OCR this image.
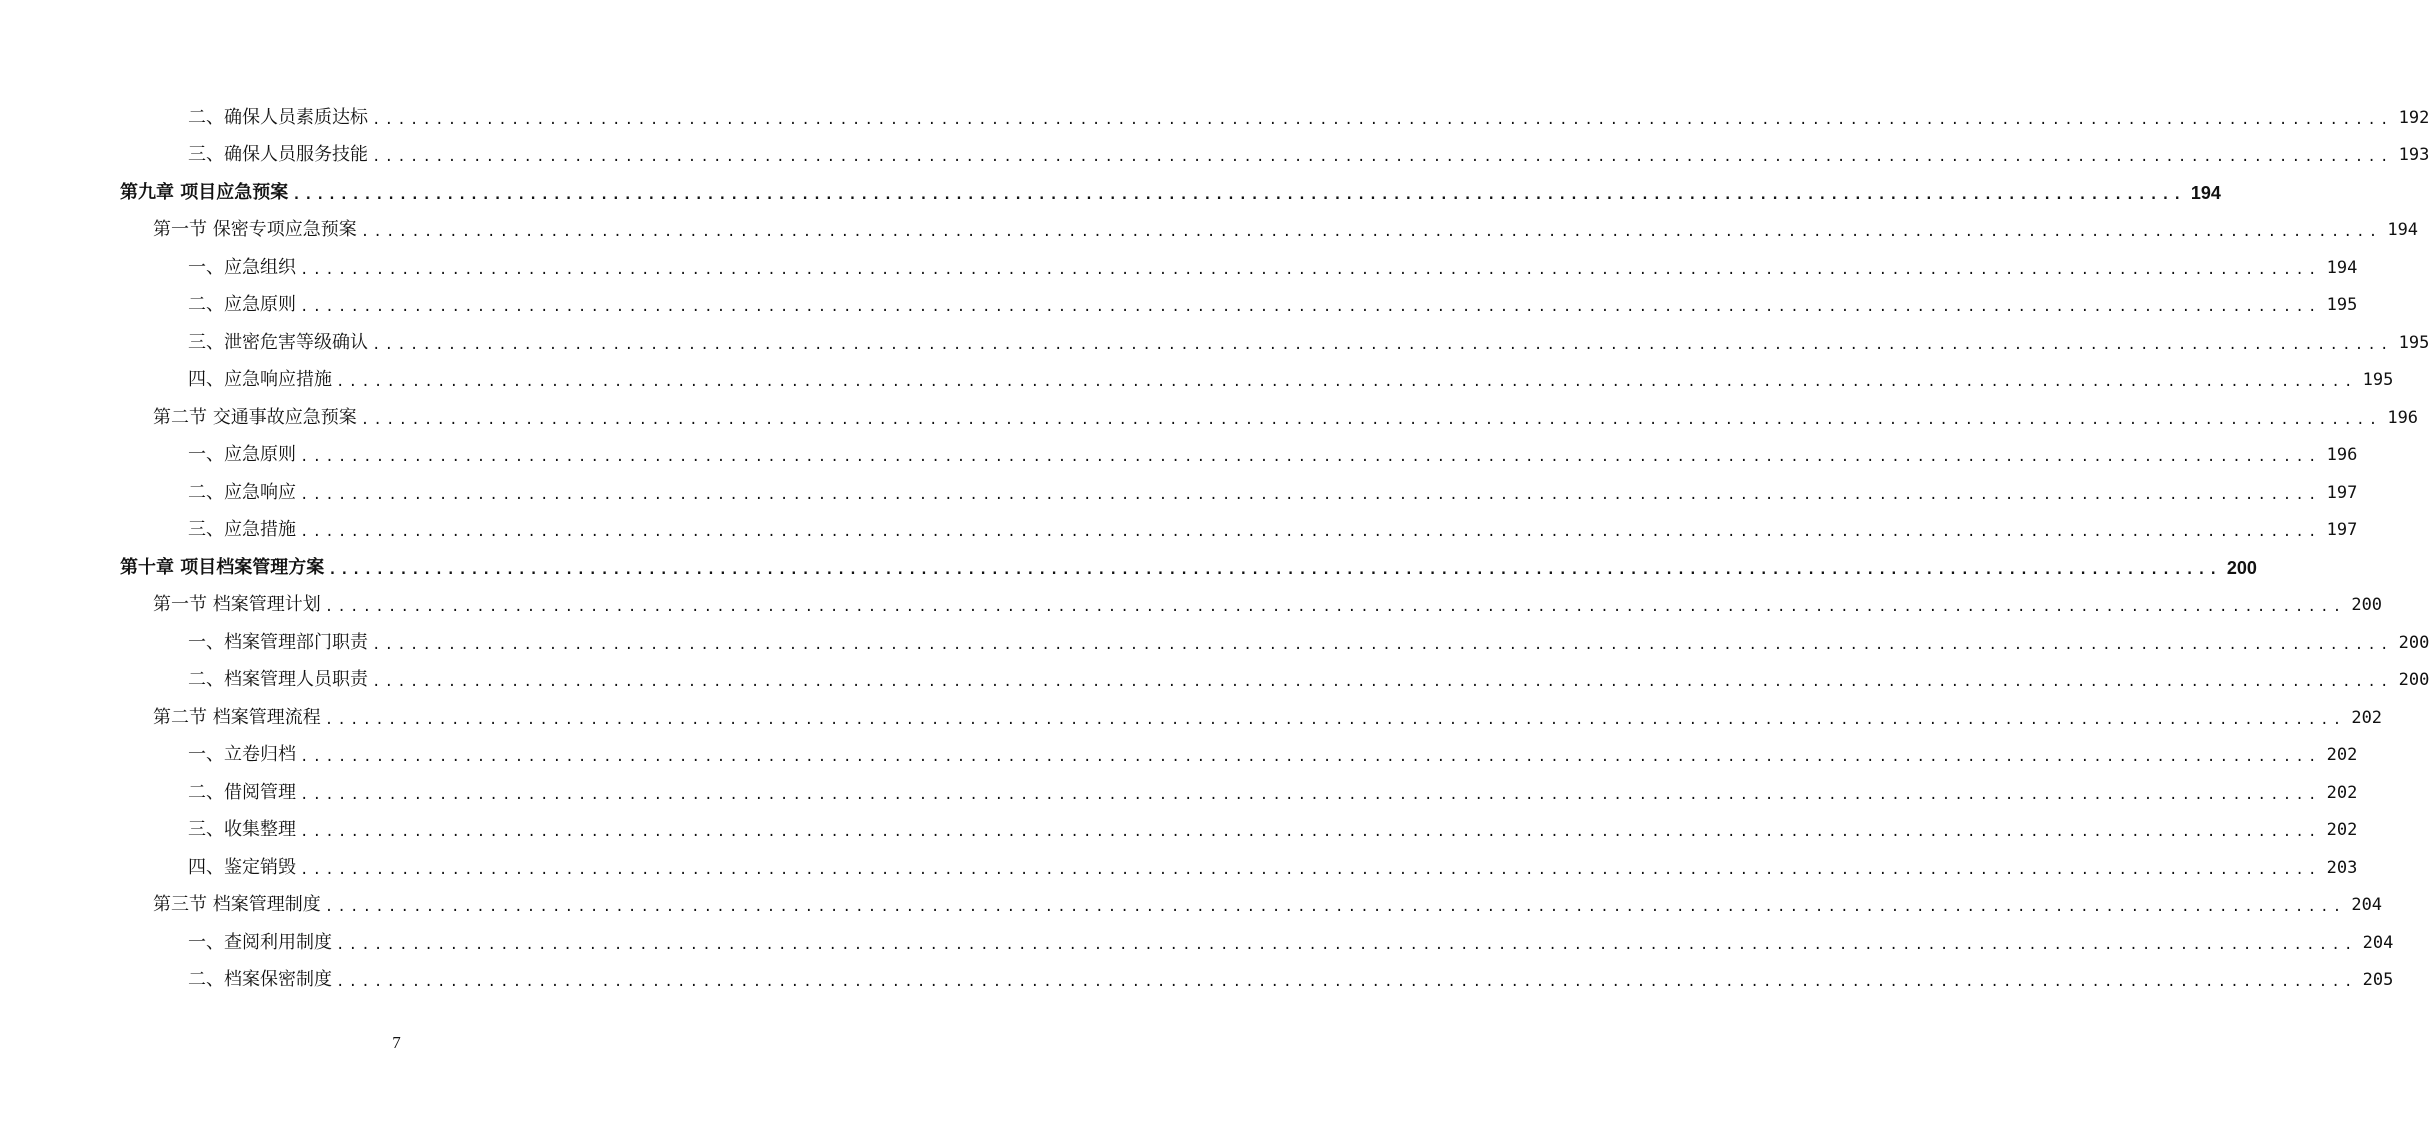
二、确保人员素质达标 ................................................................................................................................................................ 192
三、确保人员服务技能 ................................................................................................................................................................ 193
第九章 项目应急预案 ................................................................................................................................................................ 194
第一节 保密专项应急预案 ................................................................................................................................................................ 194
一、应急组织 ................................................................................................................................................................ 194
二、应急原则 ................................................................................................................................................................ 195
三、泄密危害等级确认 ................................................................................................................................................................ 195
四、应急响应措施 ................................................................................................................................................................ 195
第二节 交通事故应急预案 ................................................................................................................................................................ 196
一、应急原则 ................................................................................................................................................................ 196
二、应急响应 ................................................................................................................................................................ 197
三、应急措施 ................................................................................................................................................................ 197
第十章 项目档案管理方案 ................................................................................................................................................................ 200
第一节 档案管理计划 ................................................................................................................................................................ 200
一、档案管理部门职责 ................................................................................................................................................................ 200
二、档案管理人员职责 ................................................................................................................................................................ 200
第二节 档案管理流程 ................................................................................................................................................................ 202
一、立卷归档 ................................................................................................................................................................ 202
二、借阅管理 ................................................................................................................................................................ 202
三、收集整理 ................................................................................................................................................................ 202
四、鉴定销毁 ................................................................................................................................................................ 203
第三节 档案管理制度 ................................................................................................................................................................ 204
一、查阅利用制度 ................................................................................................................................................................ 204
二、档案保密制度 ................................................................................................................................................................ 205
7
